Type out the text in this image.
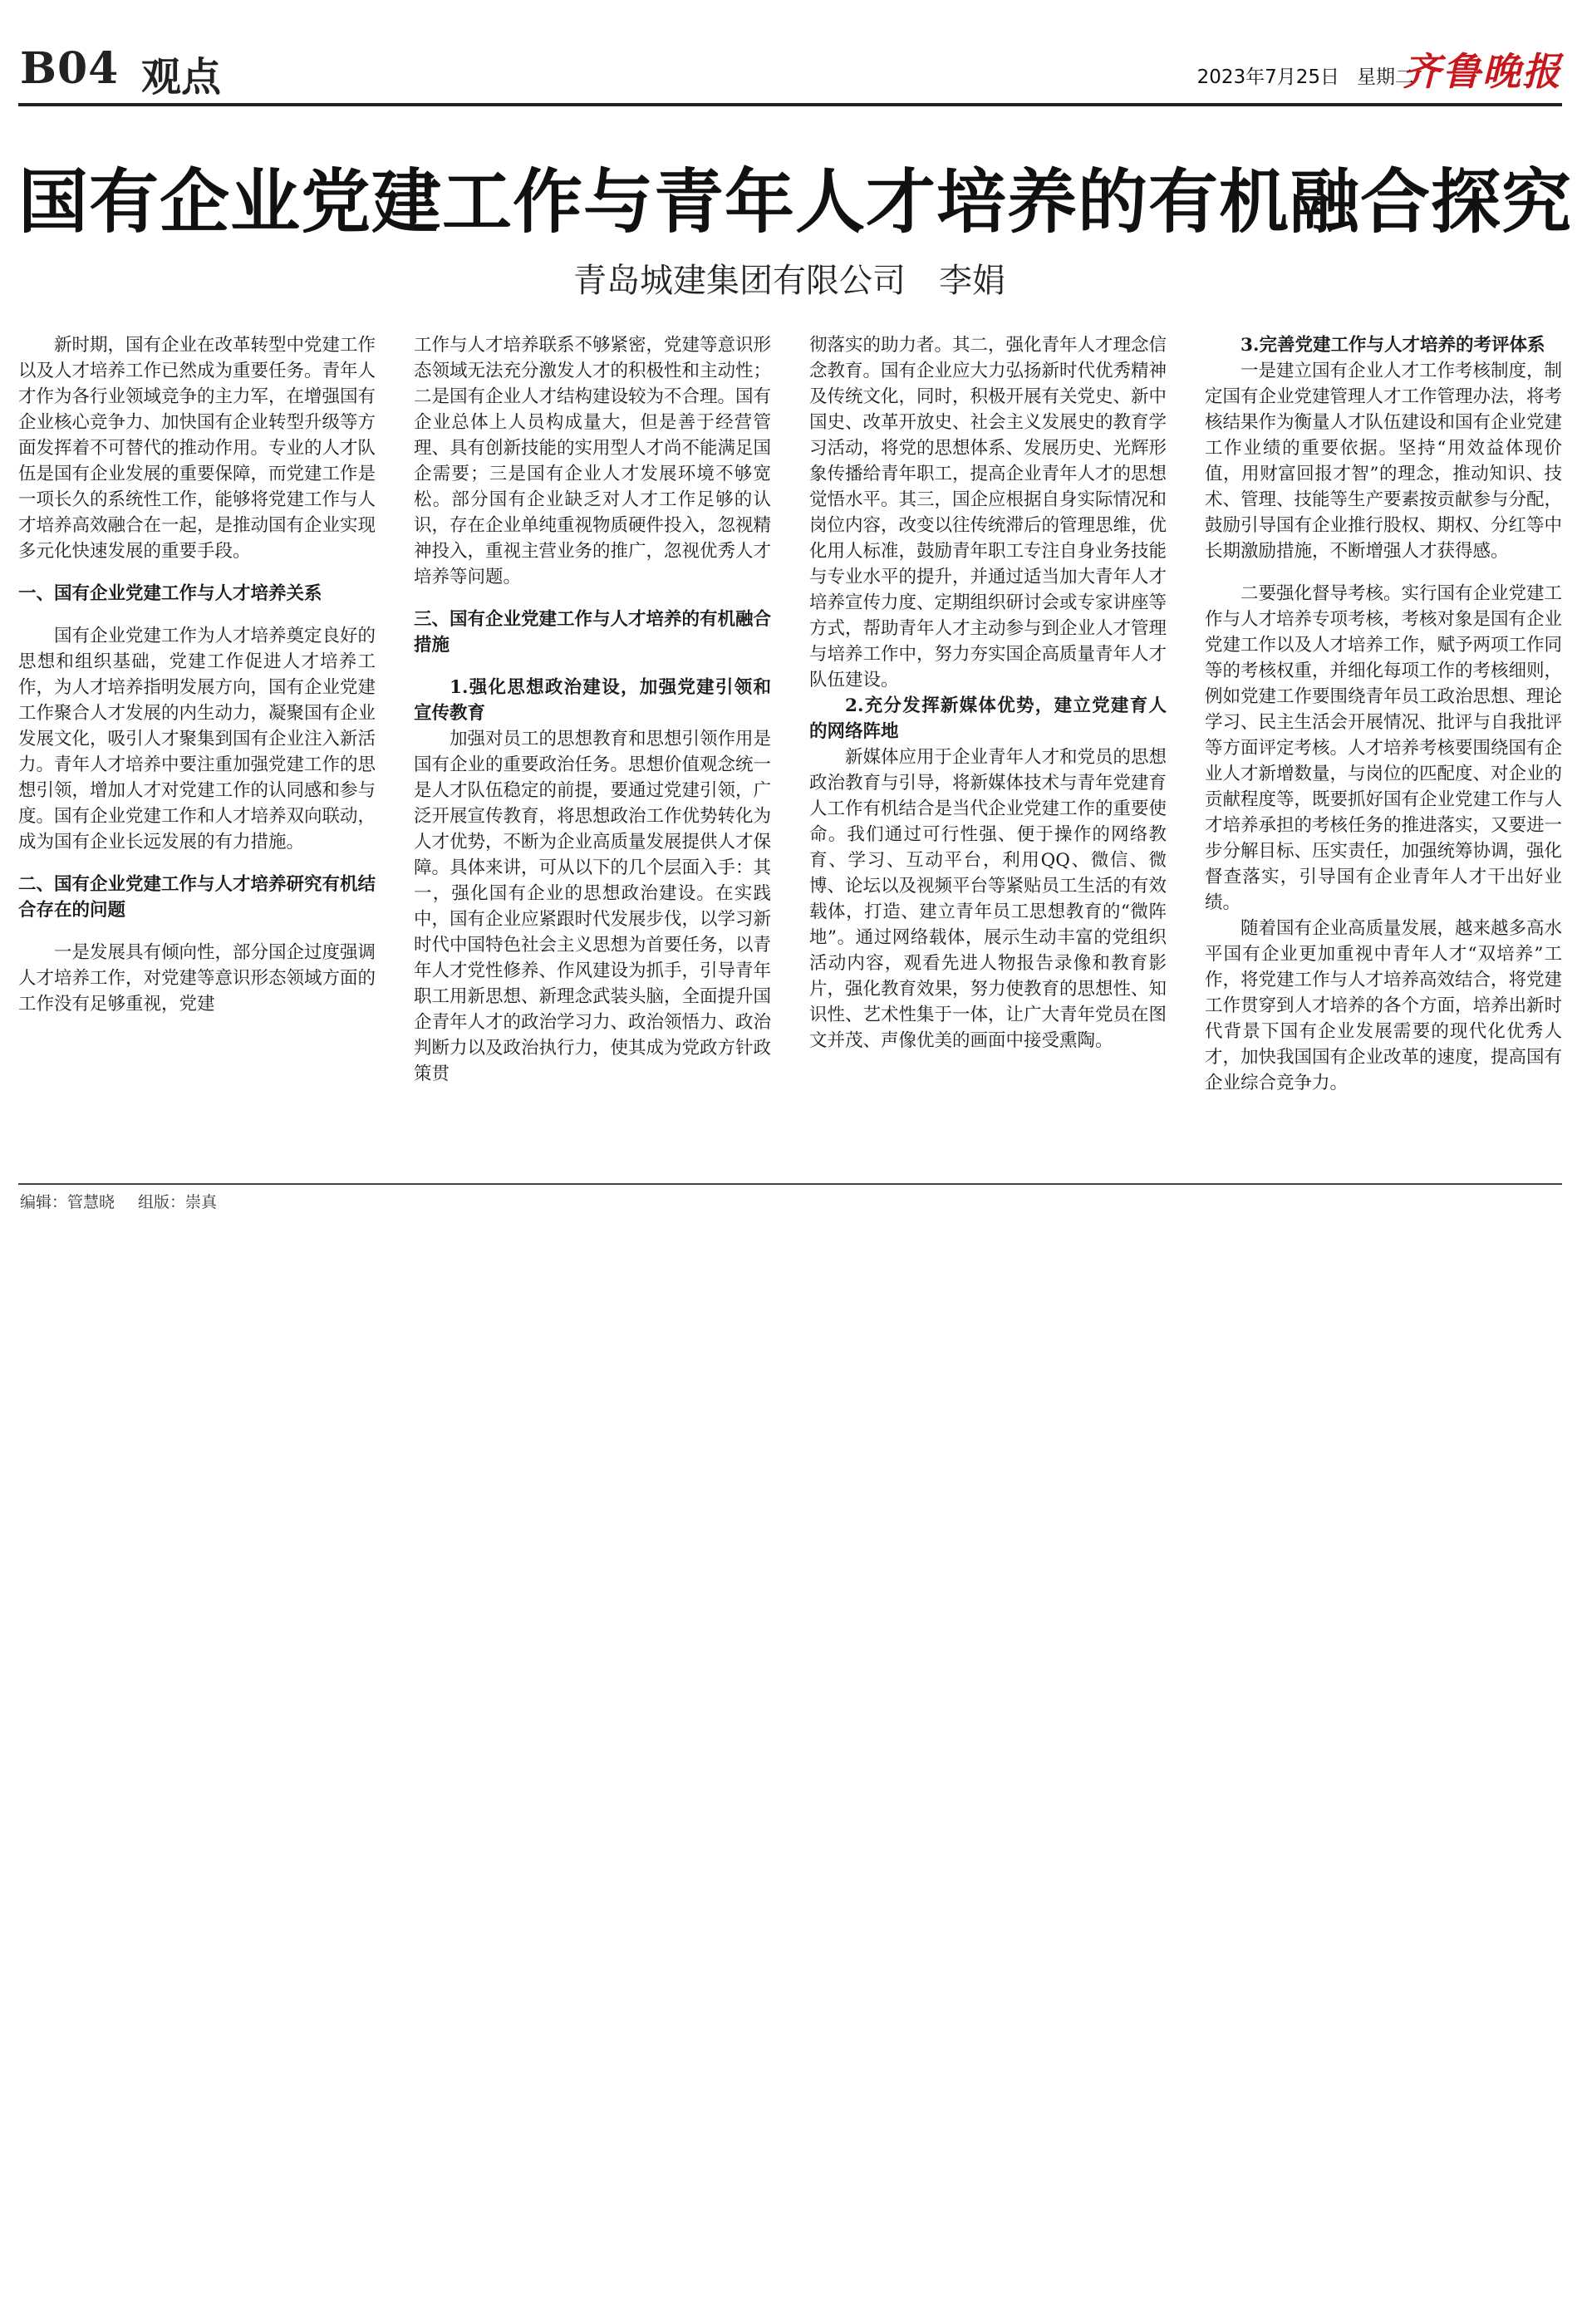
B04 观点	2023年7月25日 星期二
齐鲁晚报
国有企业党建工作与青年人才培养的有机融合探究
青岛城建集团有限公司 李娟

新时期，国有企业在改革转型中党建工作以及人才培养工作已然成为重要任务。青年人才作为各行业领域竞争的主力军，在增强国有企业核心竞争力、加快国有企业转型升级等方面发挥着不可替代的推动作用。专业的人才队伍是国有企业发展的重要保障，而党建工作是一项长久的系统性工作，能够将党建工作与人才培养高效融合在一起，是推动国有企业实现多元化快速发展的重要手段。

一、国有企业党建工作与人才培养关系

国有企业党建工作为人才培养奠定良好的思想和组织基础，党建工作促进人才培养工作，为人才培养指明发展方向，国有企业党建工作聚合人才发展的内生动力，凝聚国有企业发展文化，吸引人才聚集到国有企业注入新活力。青年人才培养中要注重加强党建工作的思想引领，增加人才对党建工作的认同感和参与度。国有企业党建工作和人才培养双向联动，成为国有企业长远发展的有力措施。

二、国有企业党建工作与人才培养研究有机结合存在的问题

一是发展具有倾向性，部分国企过度强调人才培养工作，对党建等意识形态领域方面的工作没有足够重视，党建

工作与人才培养联系不够紧密，党建等意识形态领域无法充分激发人才的积极性和主动性；二是国有企业人才结构建设较为不合理。国有企业总体上人员构成量大，但是善于经营管理、具有创新技能的实用型人才尚不能满足国企需要；三是国有企业人才发展环境不够宽松。部分国有企业缺乏对人才工作足够的认识，存在企业单纯重视物质硬件投入，忽视精神投入，重视主营业务的推广，忽视优秀人才培养等问题。

三、国有企业党建工作与人才培养的有机融合措施
1.强化思想政治建设，加强党建引领和宣传教育

加强对员工的思想教育和思想引领作用是国有企业的重要政治任务。思想价值观念统一是人才队伍稳定的前提，要通过党建引领，广泛开展宣传教育，将思想政治工作优势转化为人才优势，不断为企业高质量发展提供人才保障。具体来讲，可从以下的几个层面入手：其一，强化国有企业的思想政治建设。在实践中，国有企业应紧跟时代发展步伐，以学习新时代中国特色社会主义思想为首要任务，以青年人才党性修养、作风建设为抓手，引导青年职工用新思想、新理念武装头脑，全面提升国企青年人才的政治学习力、政治领悟力、政治判断力以及政治执行力，使其成为党政方针政策贯

彻落实的助力者。其二，强化青年人才理念信念教育。国有企业应大力弘扬新时代优秀精神及传统文化，同时，积极开展有关党史、新中国史、改革开放史、社会主义发展史的教育学习活动，将党的思想体系、发展历史、光辉形象传播给青年职工，提高企业青年人才的思想觉悟水平。其三，国企应根据自身实际情况和岗位内容，改变以往传统滞后的管理思维，优化用人标准，鼓励青年职工专注自身业务技能与专业水平的提升，并通过适当加大青年人才培养宣传力度、定期组织研讨会或专家讲座等方式，帮助青年人才主动参与到企业人才管理与培养工作中，努力夯实国企高质量青年人才队伍建设。

2.充分发挥新媒体优势，建立党建育人的网络阵地

新媒体应用于企业青年人才和党员的思想政治教育与引导，将新媒体技术与青年党建育人工作有机结合是当代企业党建工作的重要使命。我们通过可行性强、便于操作的网络教育、学习、互动平台，利用QQ、微信、微博、论坛以及视频平台等紧贴员工生活的有效载体，打造、建立青年员工思想教育的“微阵地”。通过网络载体，展示生动丰富的党组织活动内容，观看先进人物报告录像和教育影片，强化教育效果，努力使教育的思想性、知识性、艺术性集于一体，让广大青年党员在图文并茂、声像优美的画面中接受熏陶。

3.完善党建工作与人才培养的考评体系

一是建立国有企业人才工作考核制度，制定国有企业党建管理人才工作管理办法，将考核结果作为衡量人才队伍建设和国有企业党建工作业绩的重要依据。坚持“用效益体现价值，用财富回报才智”的理念，推动知识、技术、管理、技能等生产要素按贡献参与分配，鼓励引导国有企业推行股权、期权、分红等中长期激励措施，不断增强人才获得感。

二要强化督导考核。实行国有企业党建工作与人才培养专项考核，考核对象是国有企业党建工作以及人才培养工作，赋予两项工作同等的考核权重，并细化每项工作的考核细则，例如党建工作要围绕青年员工政治思想、理论学习、民主生活会开展情况、批评与自我批评等方面评定考核。人才培养考核要围绕国有企业人才新增数量，与岗位的匹配度、对企业的贡献程度等，既要抓好国有企业党建工作与人才培养承担的考核任务的推进落实，又要进一步分解目标、压实责任，加强统筹协调，强化督查落实，引导国有企业青年人才干出好业绩。

随着国有企业高质量发展，越来越多高水平国有企业更加重视中青年人才“双培养”工作，将党建工作与人才培养高效结合，将党建工作贯穿到人才培养的各个方面，培养出新时代背景下国有企业发展需要的现代化优秀人才，加快我国国有企业改革的速度，提高国有企业综合竞争力。

编辑：管慧晓 组版：崇真
